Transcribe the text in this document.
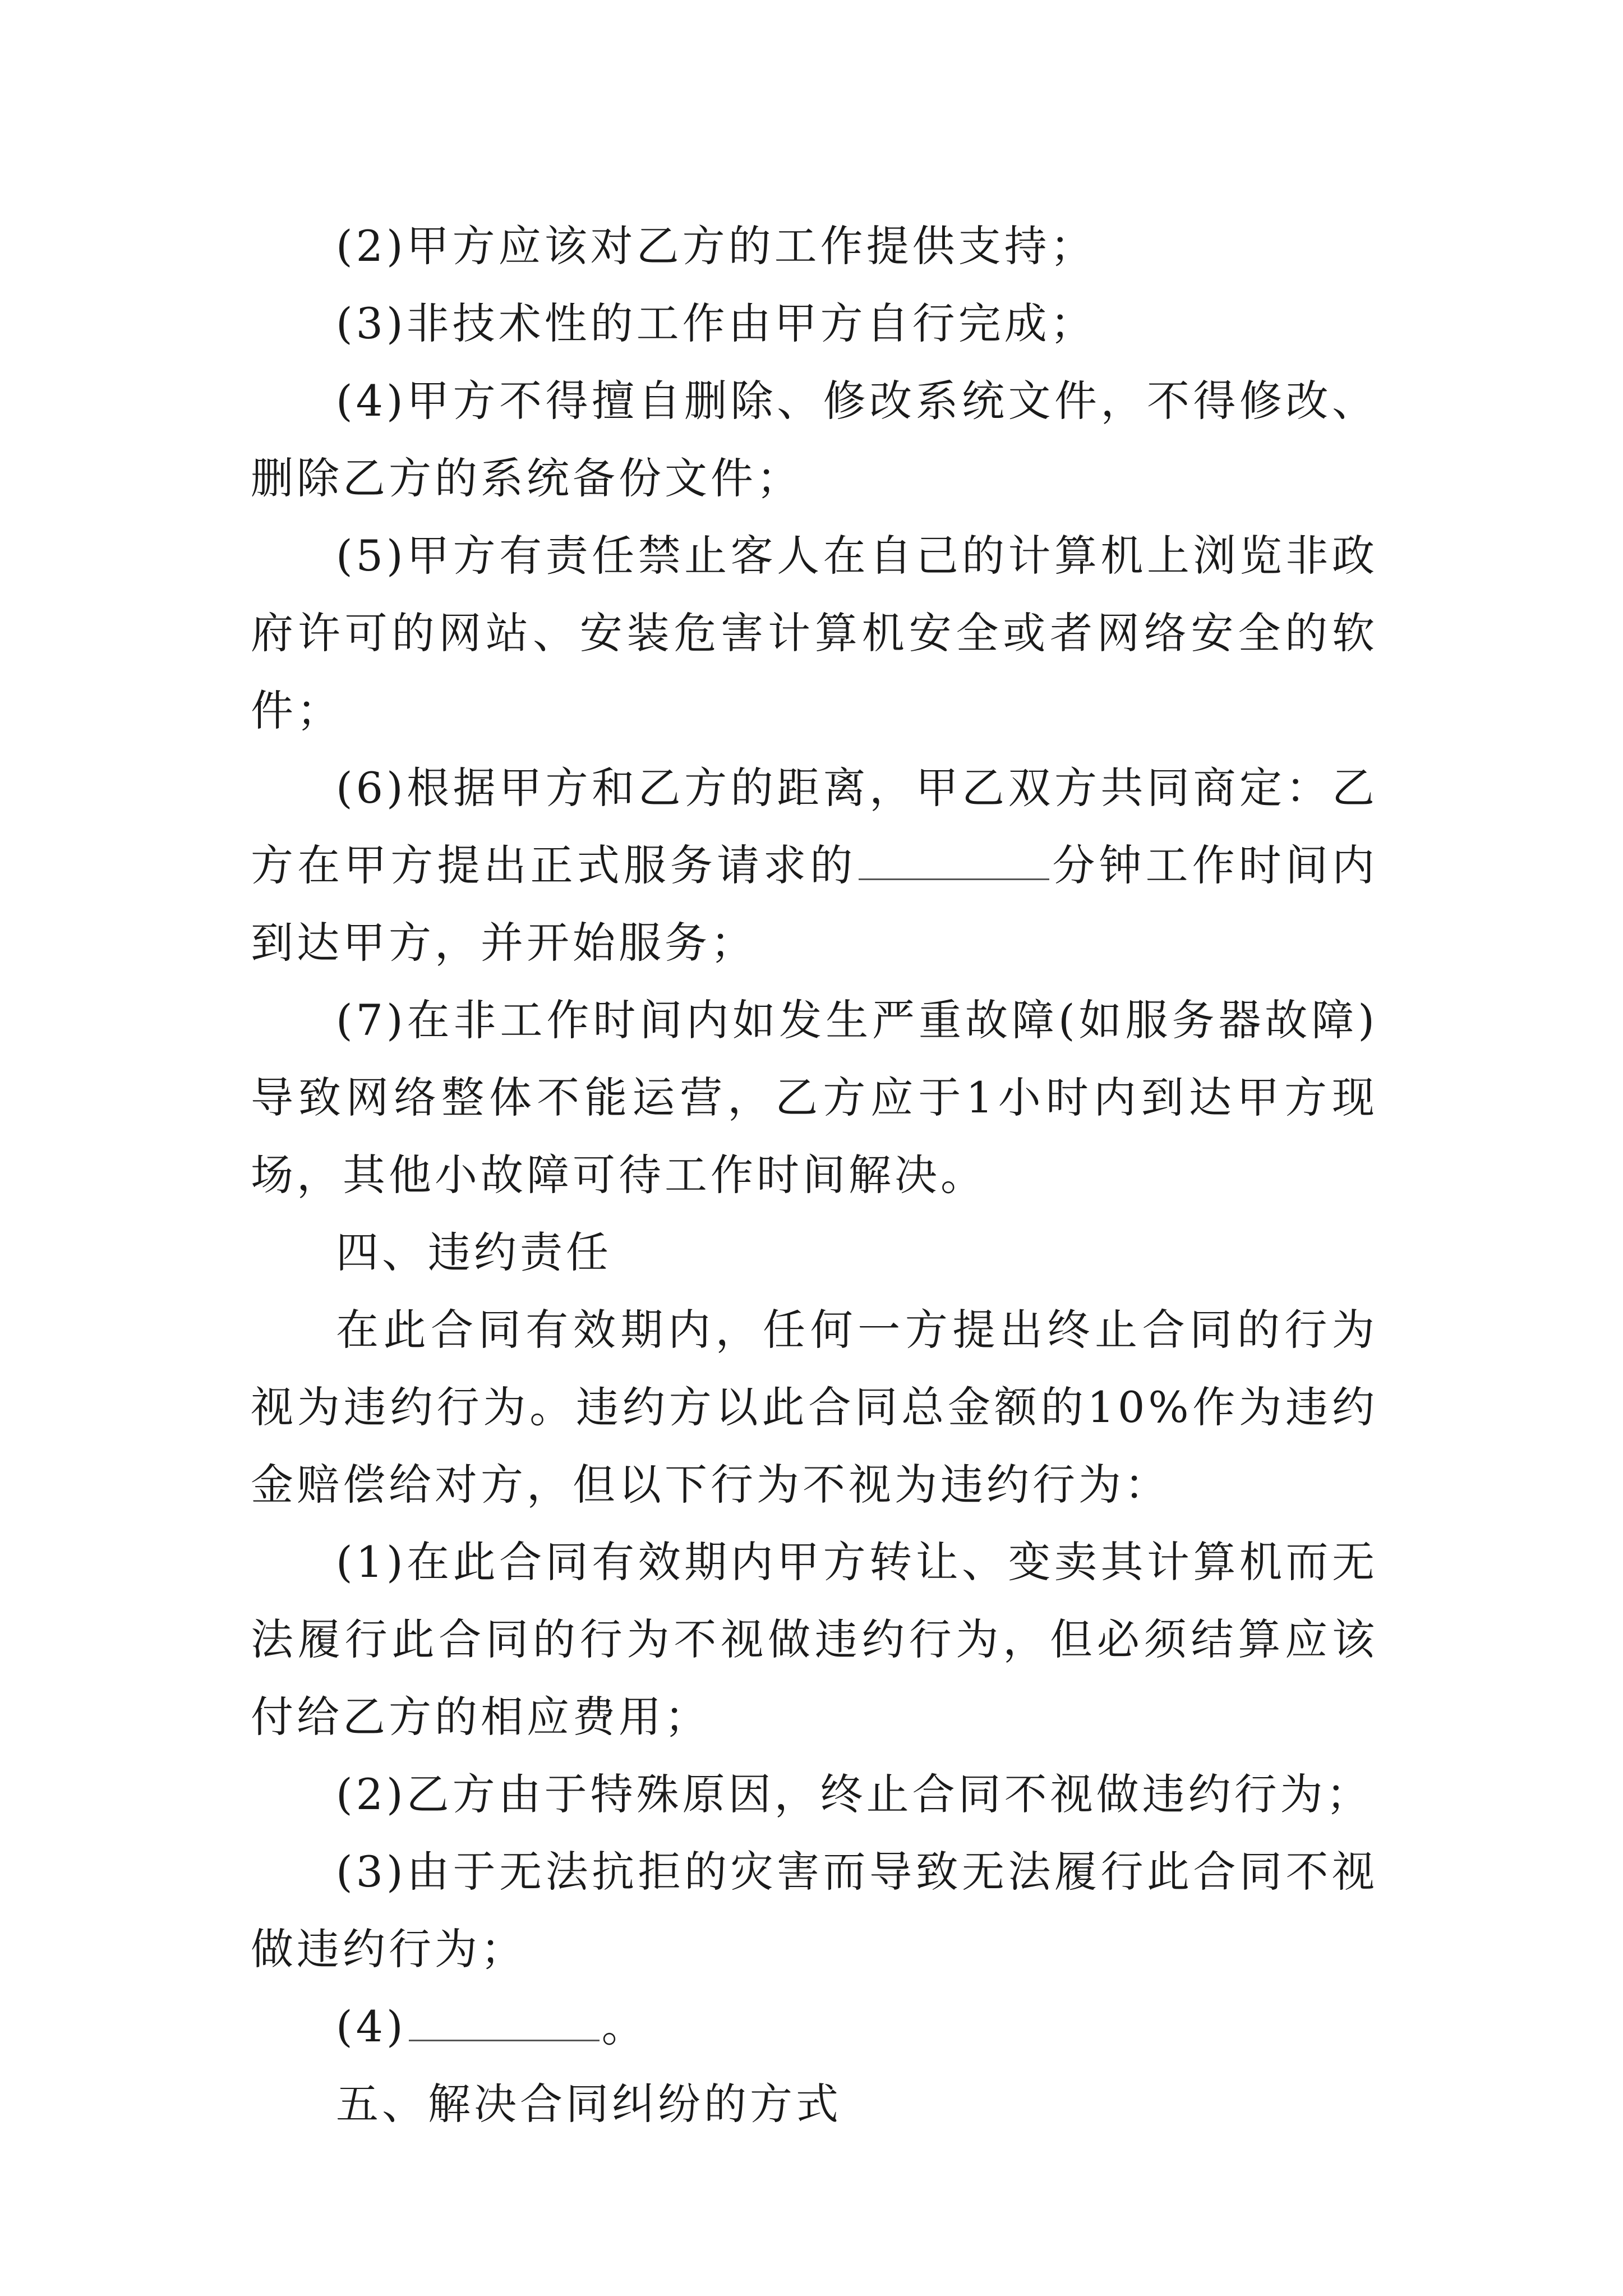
(2)甲方应该对乙方的工作提供支持；

(3)非技术性的工作由甲方自行完成；

(4)甲方不得擅自删除、修改系统文件，不得修改、删除乙方的系统备份文件；

(5)甲方有责任禁止客人在自己的计算机上浏览非政府许可的网站、安装危害计算机安全或者网络安全的软件；

(6)根据甲方和乙方的距离，甲乙双方共同商定：乙方在甲方提出正式服务请求的	分钟工作时间内到达甲方，并开始服务；

(7)在非工作时间内如发生严重故障(如服务器故障)导致网络整体不能运营，乙方应于1小时内到达甲方现场，其他小故障可待工作时间解决。

四、违约责任

在此合同有效期内，任何一方提出终止合同的行为视为违约行为。违约方以此合同总金额的10%作为违约金赔偿给对方，但以下行为不视为违约行为：

(1)在此合同有效期内甲方转让、变卖其计算机而无法履行此合同的行为不视做违约行为，但必须结算应该付给乙方的相应费用；

(2)乙方由于特殊原因，终止合同不视做违约行为；

(3)由于无法抗拒的灾害而导致无法履行此合同不视做违约行为；

(4)	。

五、解决合同纠纷的方式
